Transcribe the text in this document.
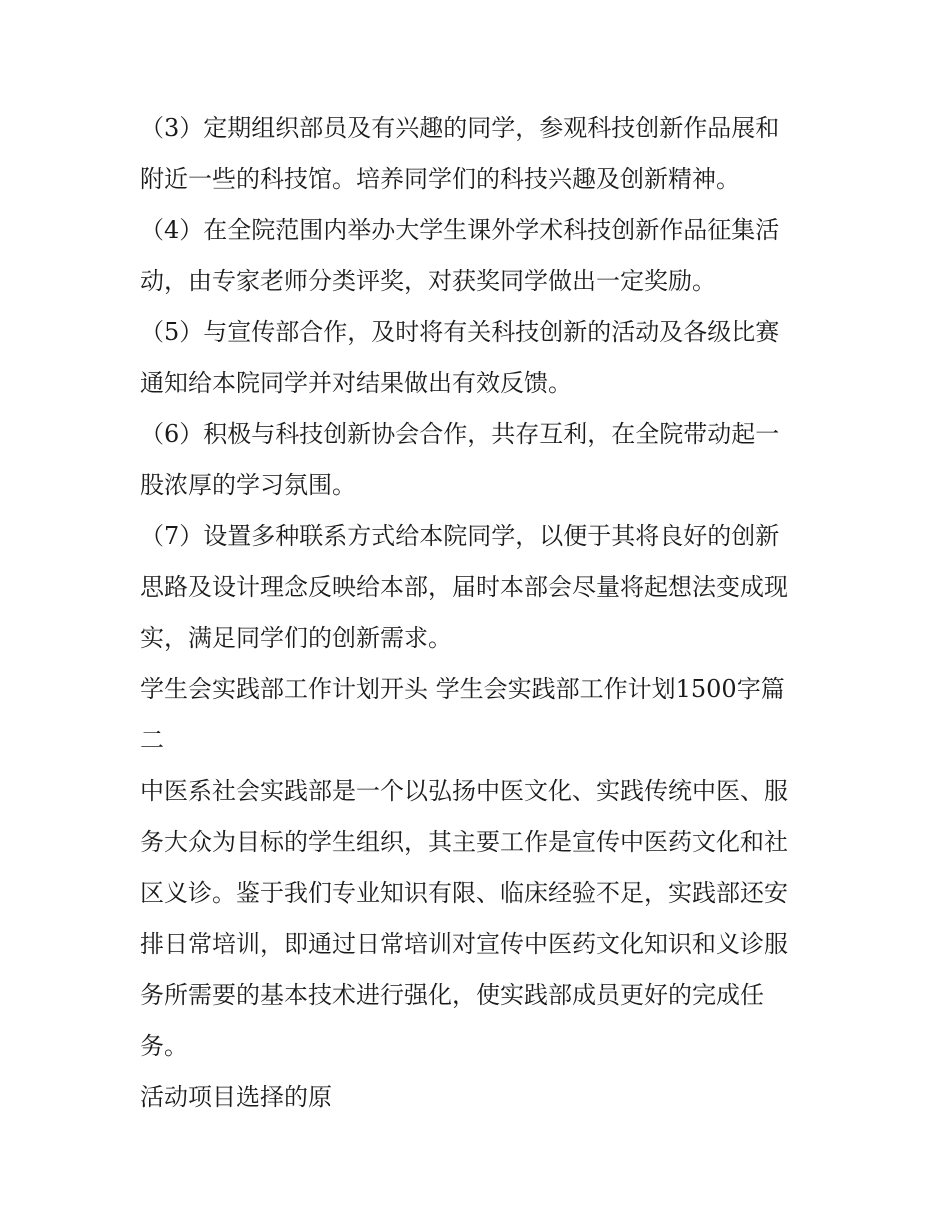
（3）定期组织部员及有兴趣的同学，参观科技创新作品展和
附近一些的科技馆。培养同学们的科技兴趣及创新精神。

（4）在全院范围内举办大学生课外学术科技创新作品征集活
动，由专家老师分类评奖，对获奖同学做出一定奖励。

（5）与宣传部合作，及时将有关科技创新的活动及各级比赛
通知给本院同学并对结果做出有效反馈。

（6）积极与科技创新协会合作，共存互利，在全院带动起一
股浓厚的学习氛围。

（7）设置多种联系方式给本院同学，以便于其将良好的创新
思路及设计理念反映给本部，届时本部会尽量将起想法变成现
实，满足同学们的创新需求。

学生会实践部工作计划开头 学生会实践部工作计划1500字篇
二

中医系社会实践部是一个以弘扬中医文化、实践传统中医、服
务大众为目标的学生组织，其主要工作是宣传中医药文化和社
区义诊。鉴于我们专业知识有限、临床经验不足，实践部还安
排日常培训，即通过日常培训对宣传中医药文化知识和义诊服
务所需要的基本技术进行强化，使实践部成员更好的完成任
务。

活动项目选择的原
